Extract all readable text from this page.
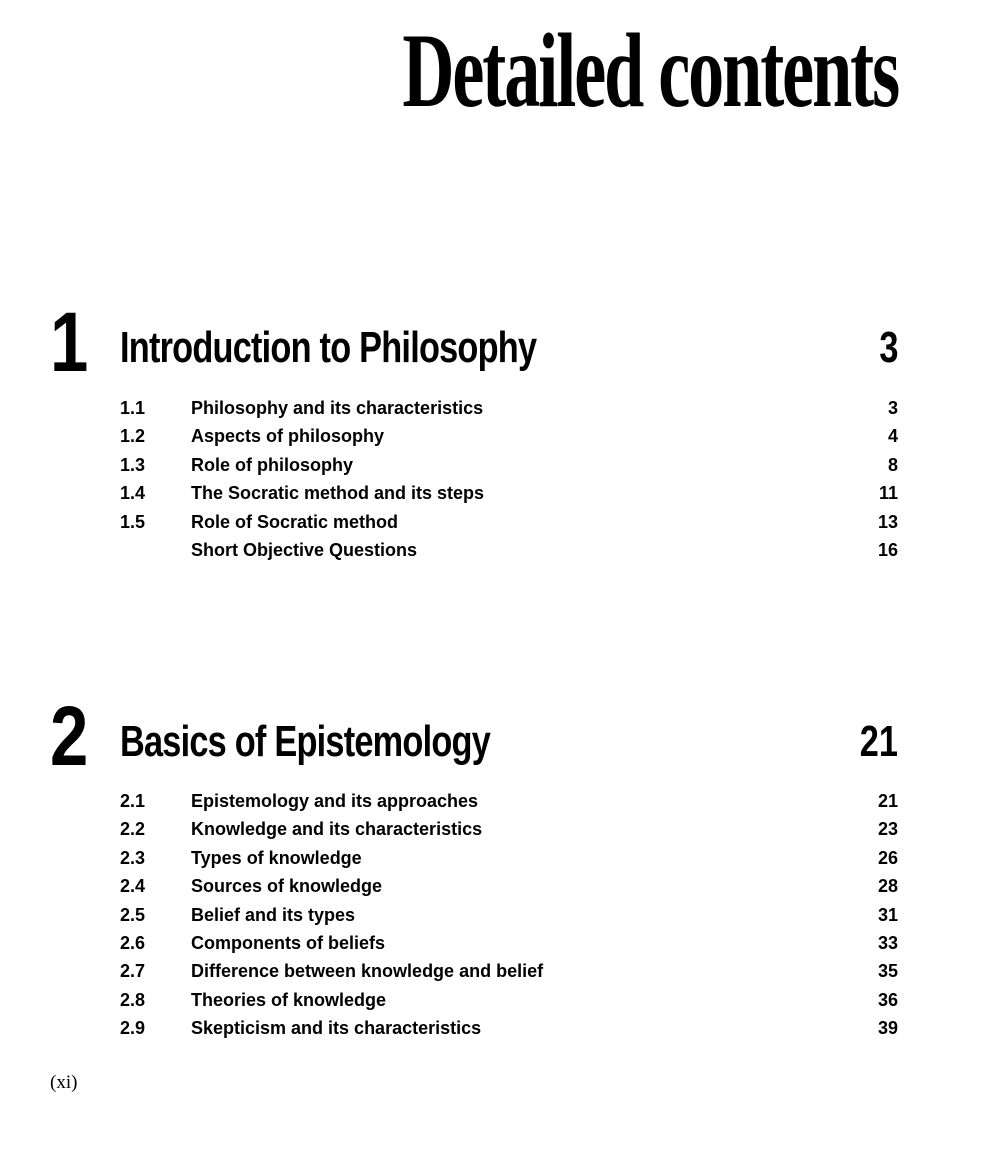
Detailed contents
1 Introduction to Philosophy	3
1.1	Philosophy and its characteristics	3
1.2	Aspects of philosophy	4
1.3	Role of philosophy	8
1.4	The Socratic method and its steps	11
1.5	Role of Socratic method	13
Short Objective Questions	16
2 Basics of Epistemology	21
2.1	Epistemology and its approaches	21
2.2	Knowledge and its characteristics	23
2.3	Types of knowledge	26
2.4	Sources of knowledge	28
2.5	Belief and its types	31
2.6	Components of beliefs	33
2.7	Difference between knowledge and belief	35
2.8	Theories of knowledge	36
2.9	Skepticism and its characteristics	39
(xi)
